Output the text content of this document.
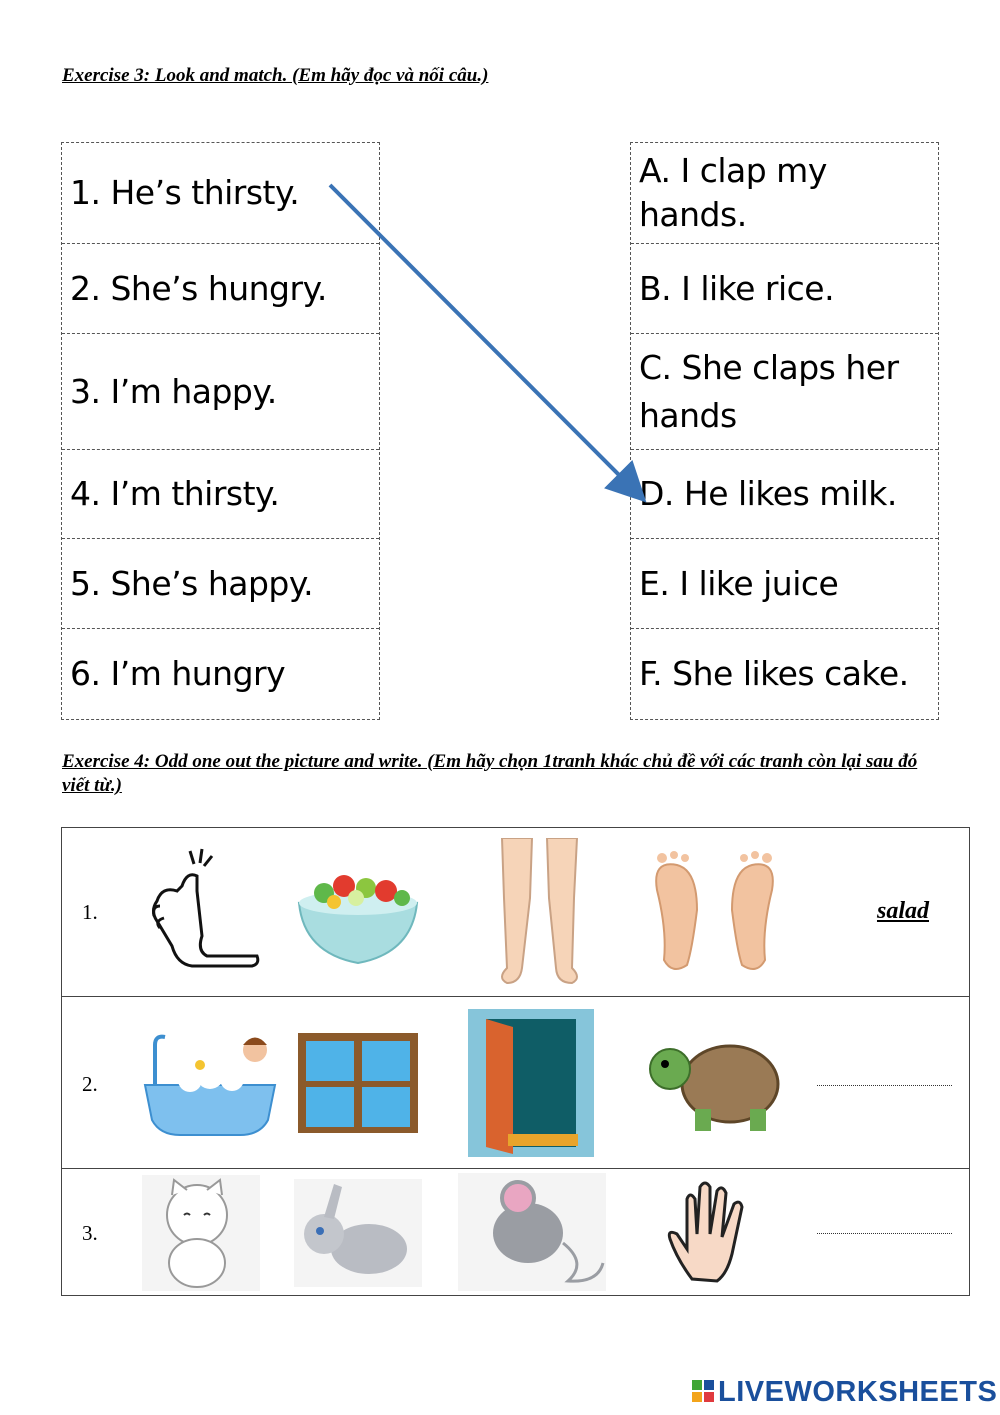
Exercise 3: Look and match. (Em hãy đọc và nối câu.)
1. He’s thirsty.
2. She’s hungry.
3. I’m happy.
4. I’m thirsty.
5. She’s happy.
6. I’m hungry
A. I clap my hands.
B. I like rice.
C. She claps her hands
D. He likes milk.
E. I like juice
F. She likes cake.
Exercise 4: Odd one out the picture and write. (Em hãy chọn 1tranh khác chủ đề với các tranh còn lại sau đó viết từ.)
1.	salad
2.
3.
LIVEWORKSHEETS
